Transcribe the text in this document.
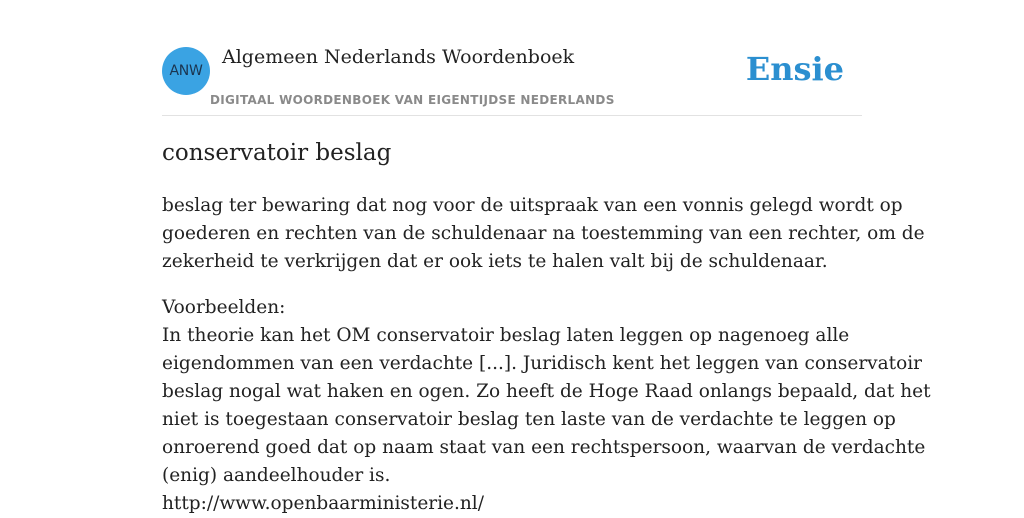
ANW
Algemeen Nederlands Woordenboek
DIGITAAL WOORDENBOEK VAN EIGENTIJDSE NEDERLANDS
Ensie
conservatoir beslag

beslag ter bewaring dat nog voor de uitspraak van een vonnis gelegd wordt op
goederen en rechten van de schuldenaar na toestemming van een rechter, om de
zekerheid te verkrijgen dat er ook iets te halen valt bij de schuldenaar.

Voorbeelden:
In theorie kan het OM conservatoir beslag laten leggen op nagenoeg alle
eigendommen van een verdachte [...]. Juridisch kent het leggen van conservatoir
beslag nogal wat haken en ogen. Zo heeft de Hoge Raad onlangs bepaald, dat het
niet is toegestaan conservatoir beslag ten laste van de verdachte te leggen op
onroerend goed dat op naam staat van een rechtspersoon, waarvan de verdachte
(enig) aandeelhouder is.
http://www.openbaarministerie.nl/
